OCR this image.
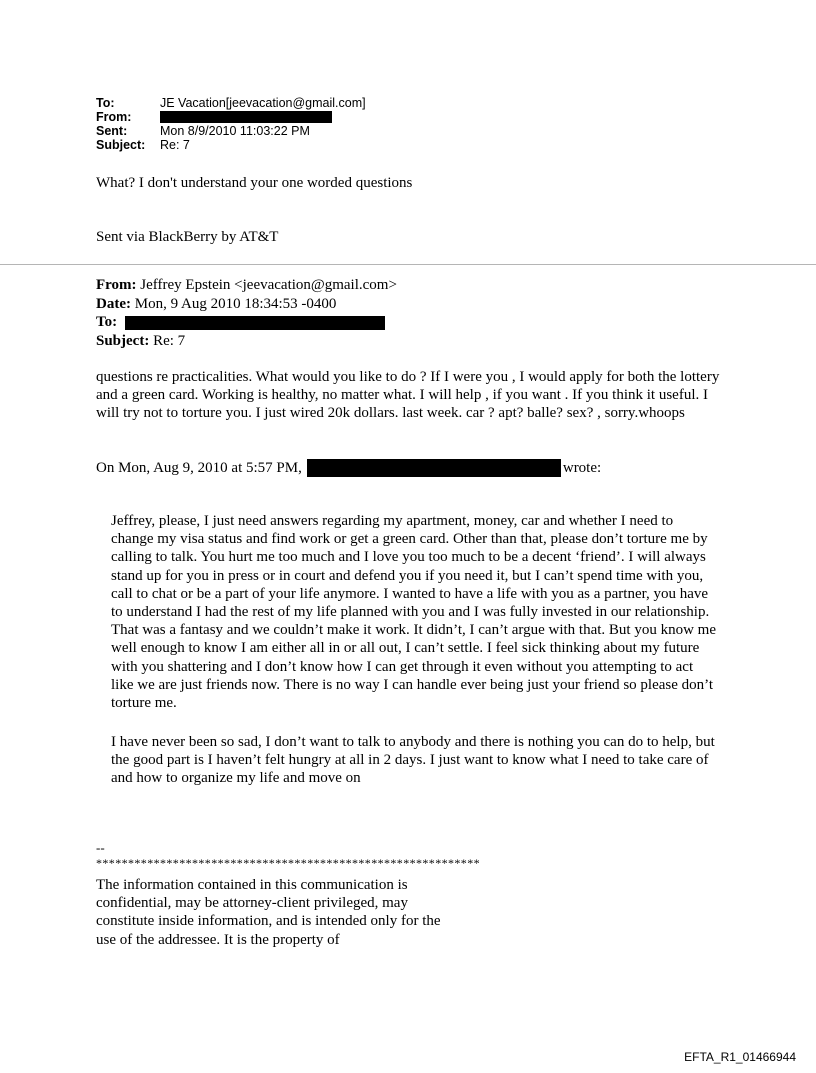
To:	JE Vacation[jeevacation@gmail.com]
From:
Sent:	Mon 8/9/2010 11:03:22 PM
Subject:	Re: 7
What? I don't understand your one worded questions
Sent via BlackBerry by AT&T
From: Jeffrey Epstein <jeevacation@gmail.com>
Date: Mon, 9 Aug 2010 18:34:53 -0400
To:
Subject: Re: 7

questions re practicalities. What would you like to do ? If I were you , I would apply for both the lottery and a green card. Working is healthy, no matter what. I will help , if you want . If you think it useful. I will try not to torture you. I just wired 20k dollars. last week. car ? apt? balle? sex? , sorry.whoops

On Mon, Aug 9, 2010 at 5:57 PM,	wrote:

Jeffrey, please, I just need answers regarding my apartment, money, car and whether I need to change my visa status and find work or get a green card. Other than that, please don’t torture me by calling to talk. You hurt me too much and I love you too much to be a decent ‘friend’. I will always stand up for you in press or in court and defend you if you need it, but I can’t spend time with you, call to chat or be a part of your life anymore. I wanted to have a life with you as a partner, you have to understand I had the rest of my life planned with you and I was fully invested in our relationship. That was a fantasy and we couldn’t make it work. It didn’t, I can’t argue with that. But you know me well enough to know I am either all in or all out, I can’t settle. I feel sick thinking about my future with you shattering and I don’t know how I can get through it even without you attempting to act like we are just friends now. There is no way I can handle ever being just your friend so please don’t torture me.

I have never been so sad, I don’t want to talk to anybody and there is nothing you can do to help, but the good part is I haven’t felt hungry at all in 2 days. I just want to know what I need to take care of and how to organize my life and move on

--
************************************************************

The information contained in this communication is confidential, may be attorney-client privileged, may constitute inside information, and is intended only for the use of the addressee. It is the property of

EFTA_R1_01466944
